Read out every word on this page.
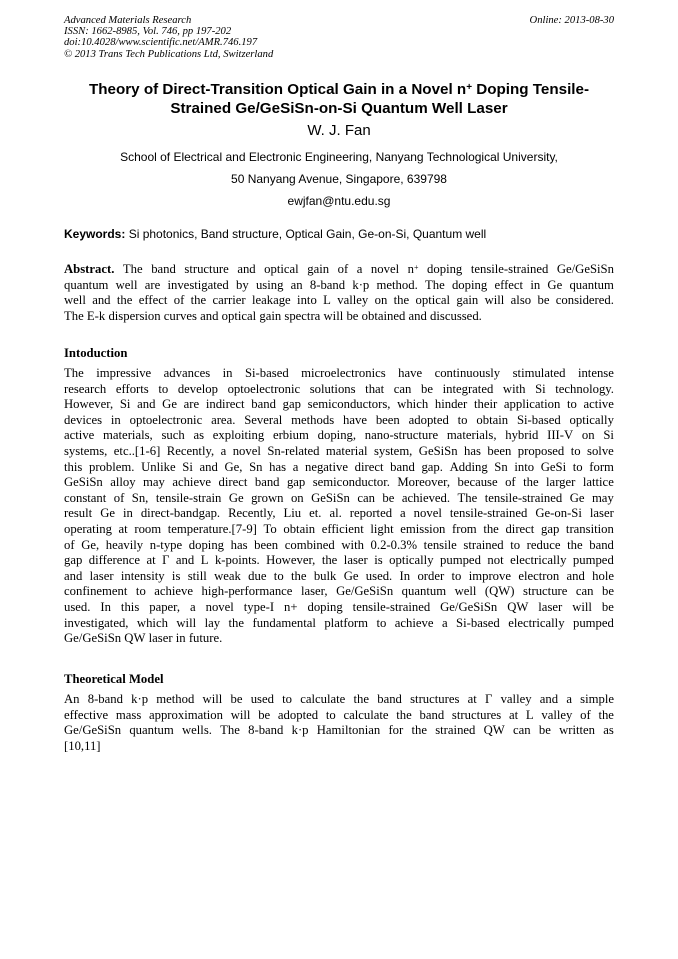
Advanced Materials Research
ISSN: 1662-8985, Vol. 746, pp 197-202
doi:10.4028/www.scientific.net/AMR.746.197
© 2013 Trans Tech Publications Ltd, Switzerland
Online: 2013-08-30
Theory of Direct-Transition Optical Gain in a Novel n+ Doping Tensile-
Strained Ge/GeSiSn-on-Si Quantum Well Laser
W. J. Fan
School of Electrical and Electronic Engineering, Nanyang Technological University,
50 Nanyang Avenue, Singapore, 639798
ewjfan@ntu.edu.sg
Keywords: Si photonics, Band structure, Optical Gain, Ge-on-Si, Quantum well
Abstract. The band structure and optical gain of a novel n+ doping tensile-strained Ge/GeSiSn
quantum well are investigated by using an 8-band k·p method. The doping effect in Ge quantum
well and the effect of the carrier leakage into L valley on the optical gain will also be considered.
The E-k dispersion curves and optical gain spectra will be obtained and discussed.
Intoduction
The impressive advances in Si-based microelectronics have continuously stimulated intense
research efforts to develop optoelectronic solutions that can be integrated with Si technology.
However, Si and Ge are indirect band gap semiconductors, which hinder their application to active
devices in optoelectronic area. Several methods have been adopted to obtain Si-based optically
active materials, such as exploiting erbium doping, nano-structure materials, hybrid III-V on Si
systems, etc..[1-6] Recently, a novel Sn-related material system, GeSiSn has been proposed to solve
this problem. Unlike Si and Ge, Sn has a negative direct band gap. Adding Sn into GeSi to form
GeSiSn alloy may achieve direct band gap semiconductor. Moreover, because of the larger lattice
constant of Sn, tensile-strain Ge grown on GeSiSn can be achieved. The tensile-strained Ge may
result Ge in direct-bandgap. Recently, Liu et. al. reported a novel tensile-strained Ge-on-Si laser
operating at room temperature.[7-9] To obtain efficient light emission from the direct gap transition
of Ge, heavily n-type doping has been combined with 0.2-0.3% tensile strained to reduce the band
gap difference at Γ and L k-points. However, the laser is optically pumped not electrically pumped
and laser intensity is still weak due to the bulk Ge used. In order to improve electron and hole
confinement to achieve high-performance laser, Ge/GeSiSn quantum well (QW) structure can be
used. In this paper, a novel type-I n+ doping tensile-strained Ge/GeSiSn QW laser will be
investigated, which will lay the fundamental platform to achieve a Si-based electrically pumped
Ge/GeSiSn QW laser in future.
Theoretical Model
An 8-band k·p method will be used to calculate the band structures at Γ valley and a simple
effective mass approximation will be adopted to calculate the band structures at L valley of the
Ge/GeSiSn quantum wells. The 8-band k·p Hamiltonian for the strained QW can be written as
[10,11]
